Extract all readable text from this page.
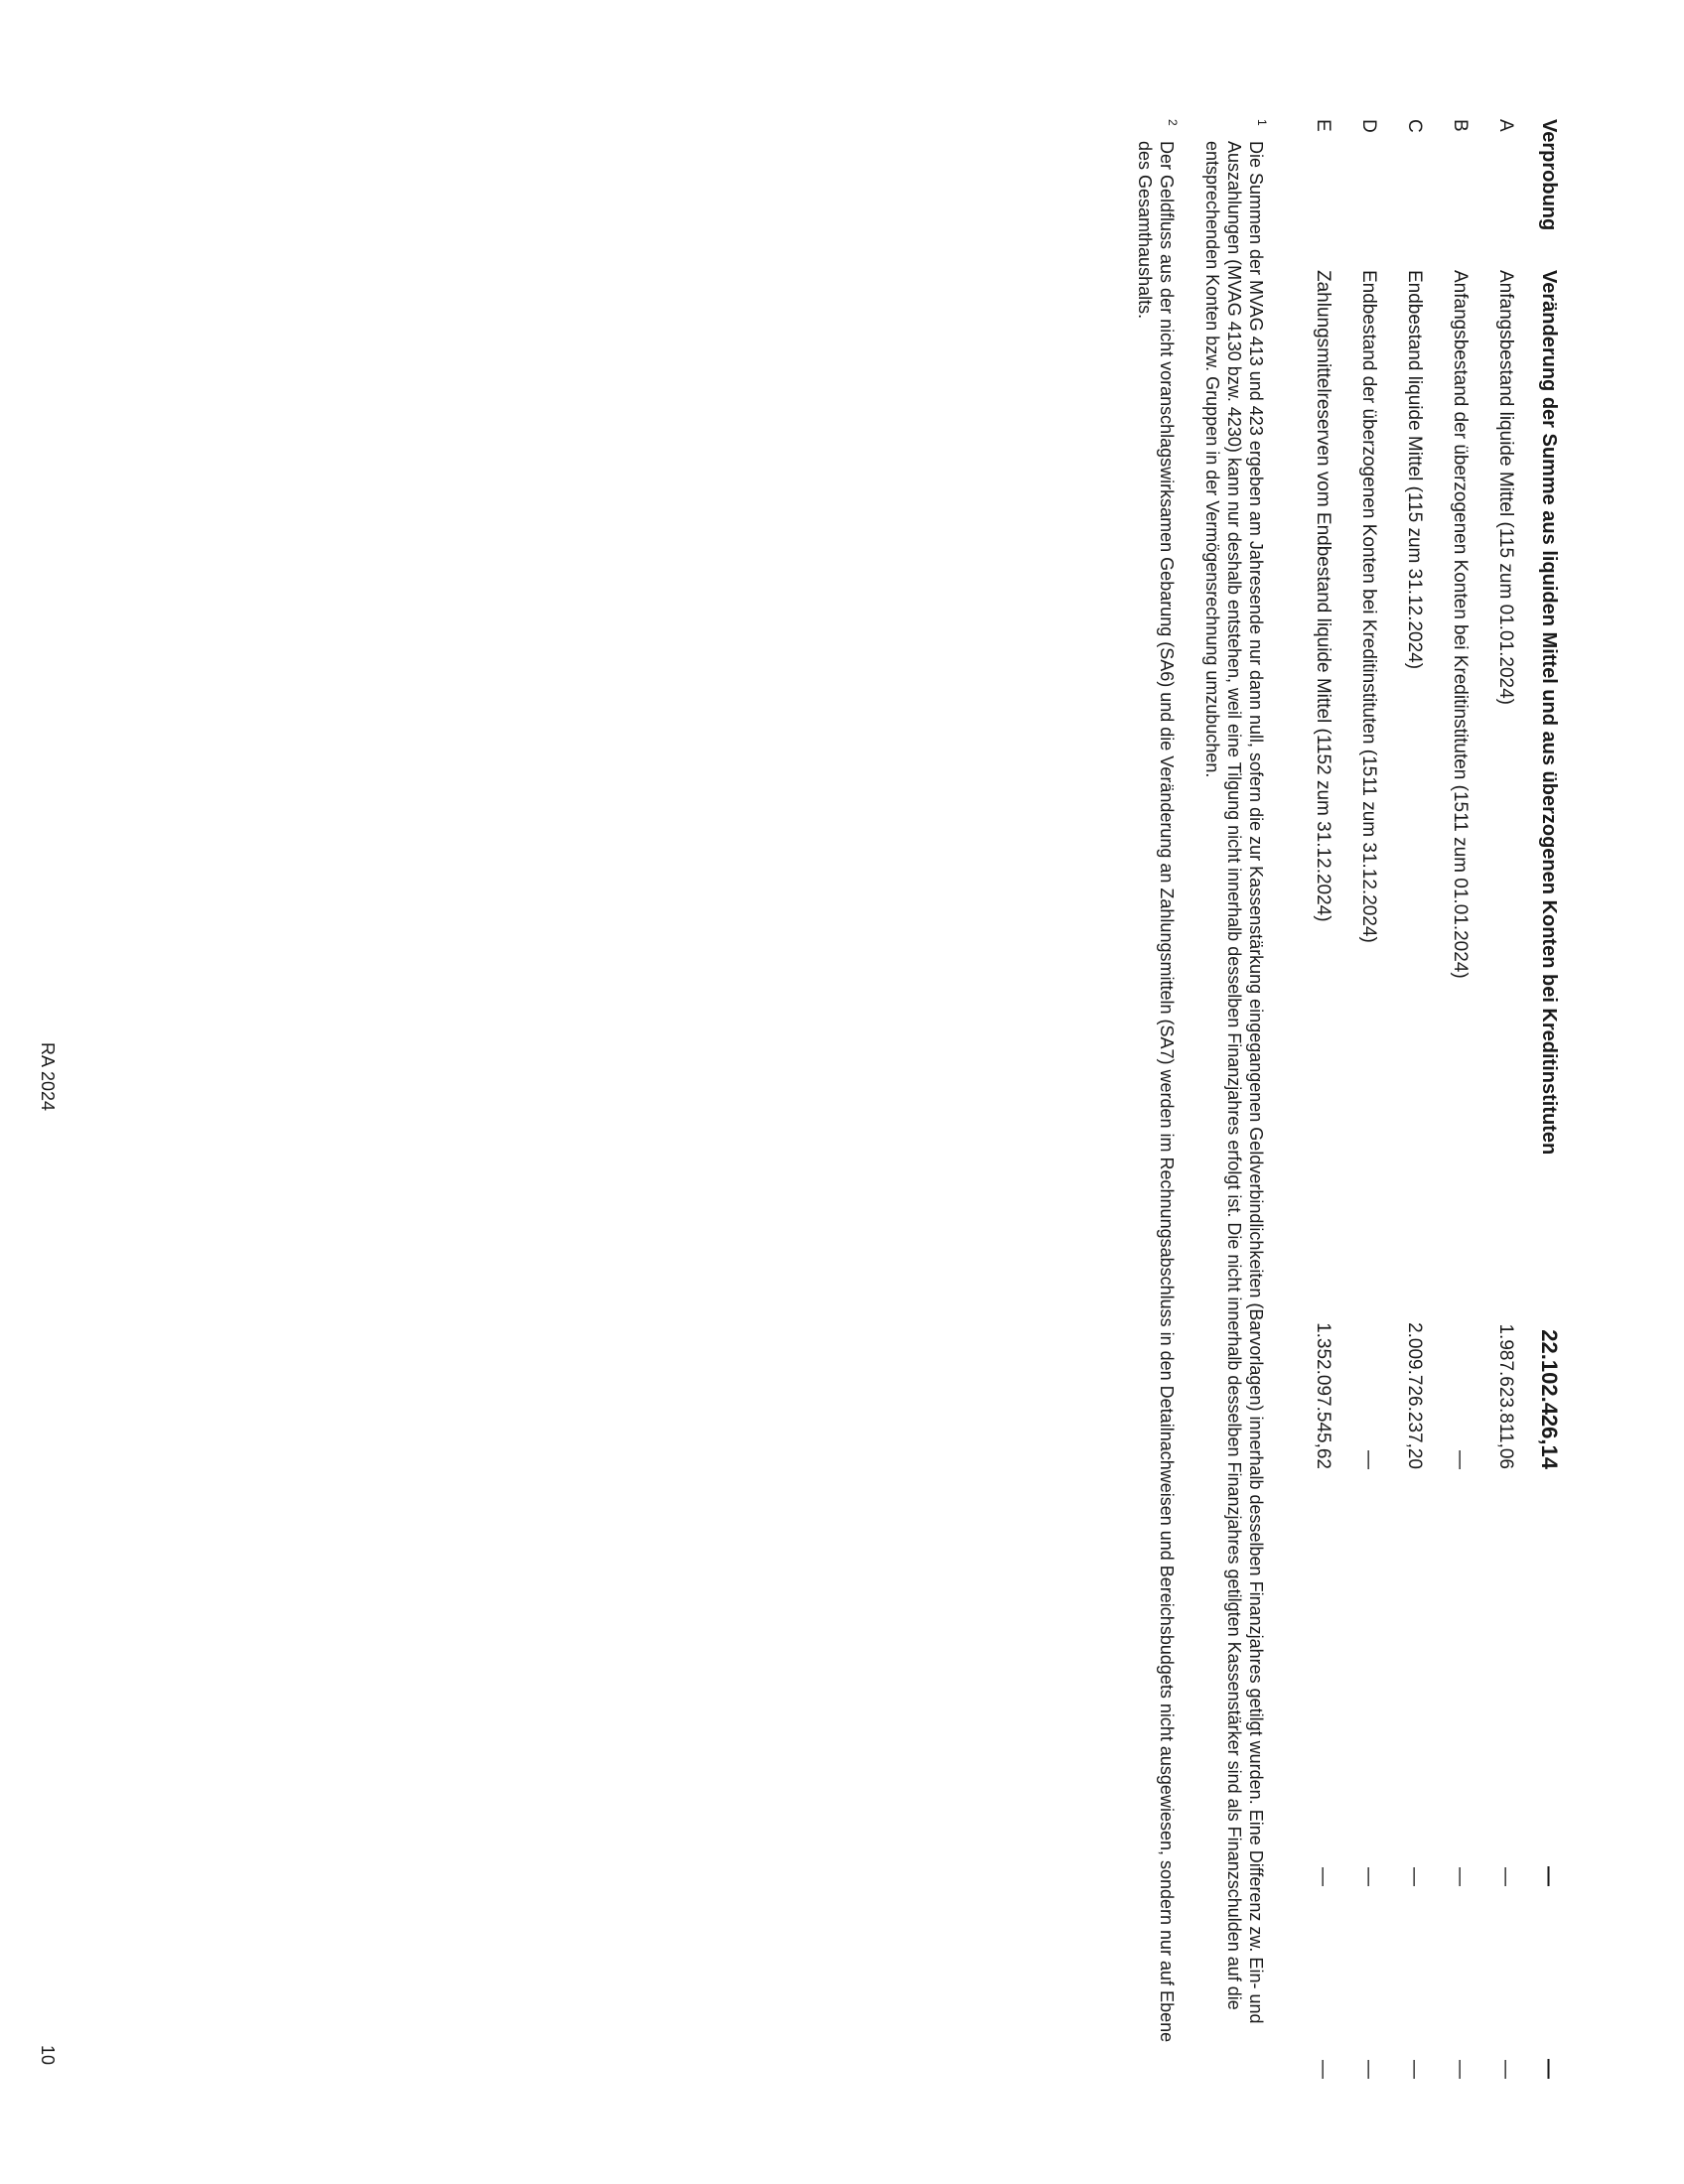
Verprobung
Veränderung der Summe aus liquiden Mittel und aus überzogenen Konten bei Kreditinstituten
22.102.426,14
—
—
A
Anfangsbestand liquide Mittel (115 zum 01.01.2024)
1.987.623.811,06
—
—
B
Anfangsbestand der überzogenen Konten bei Kreditinstituten (1511 zum 01.01.2024)
—
—
—
C
Endbestand liquide Mittel (115 zum 31.12.2024)
2.009.726.237,20
—
—
D
Endbestand der überzogenen Konten bei Kreditinstituten (1511 zum 31.12.2024)
—
—
—
E
Zahlungsmittelreserven vom Endbestand liquide Mittel (1152 zum 31.12.2024)
1.352.097.545,62
—
—
1
Die Summen der MVAG 413 und 423 ergeben am Jahresende nur dann null, sofern die zur Kassenstärkung eingegangenen Geldverbindlichkeiten (Barvorlagen) innerhalb desselben Finanzjahres getilgt wurden. Eine Differenz zw. Ein- und Auszahlungen (MVAG 4130 bzw. 4230) kann nur deshalb entstehen, weil eine Tilgung nicht innerhalb desselben Finanzjahres erfolgt ist. Die nicht innerhalb desselben Finanzjahres getilgten Kassenstärker sind als Finanzschulden auf die entsprechenden Konten bzw. Gruppen in der Vermögensrechnung umzubuchen.
2
Der Geldfluss aus der nicht voranschlagswirksamen Gebarung (SA6) und die Veränderung an Zahlungsmitteln (SA7) werden im Rechnungsabschluss in den Detailnachweisen und Bereichsbudgets nicht ausgewiesen, sondern nur auf Ebene des Gesamthaushalts.
RA 2024
10
